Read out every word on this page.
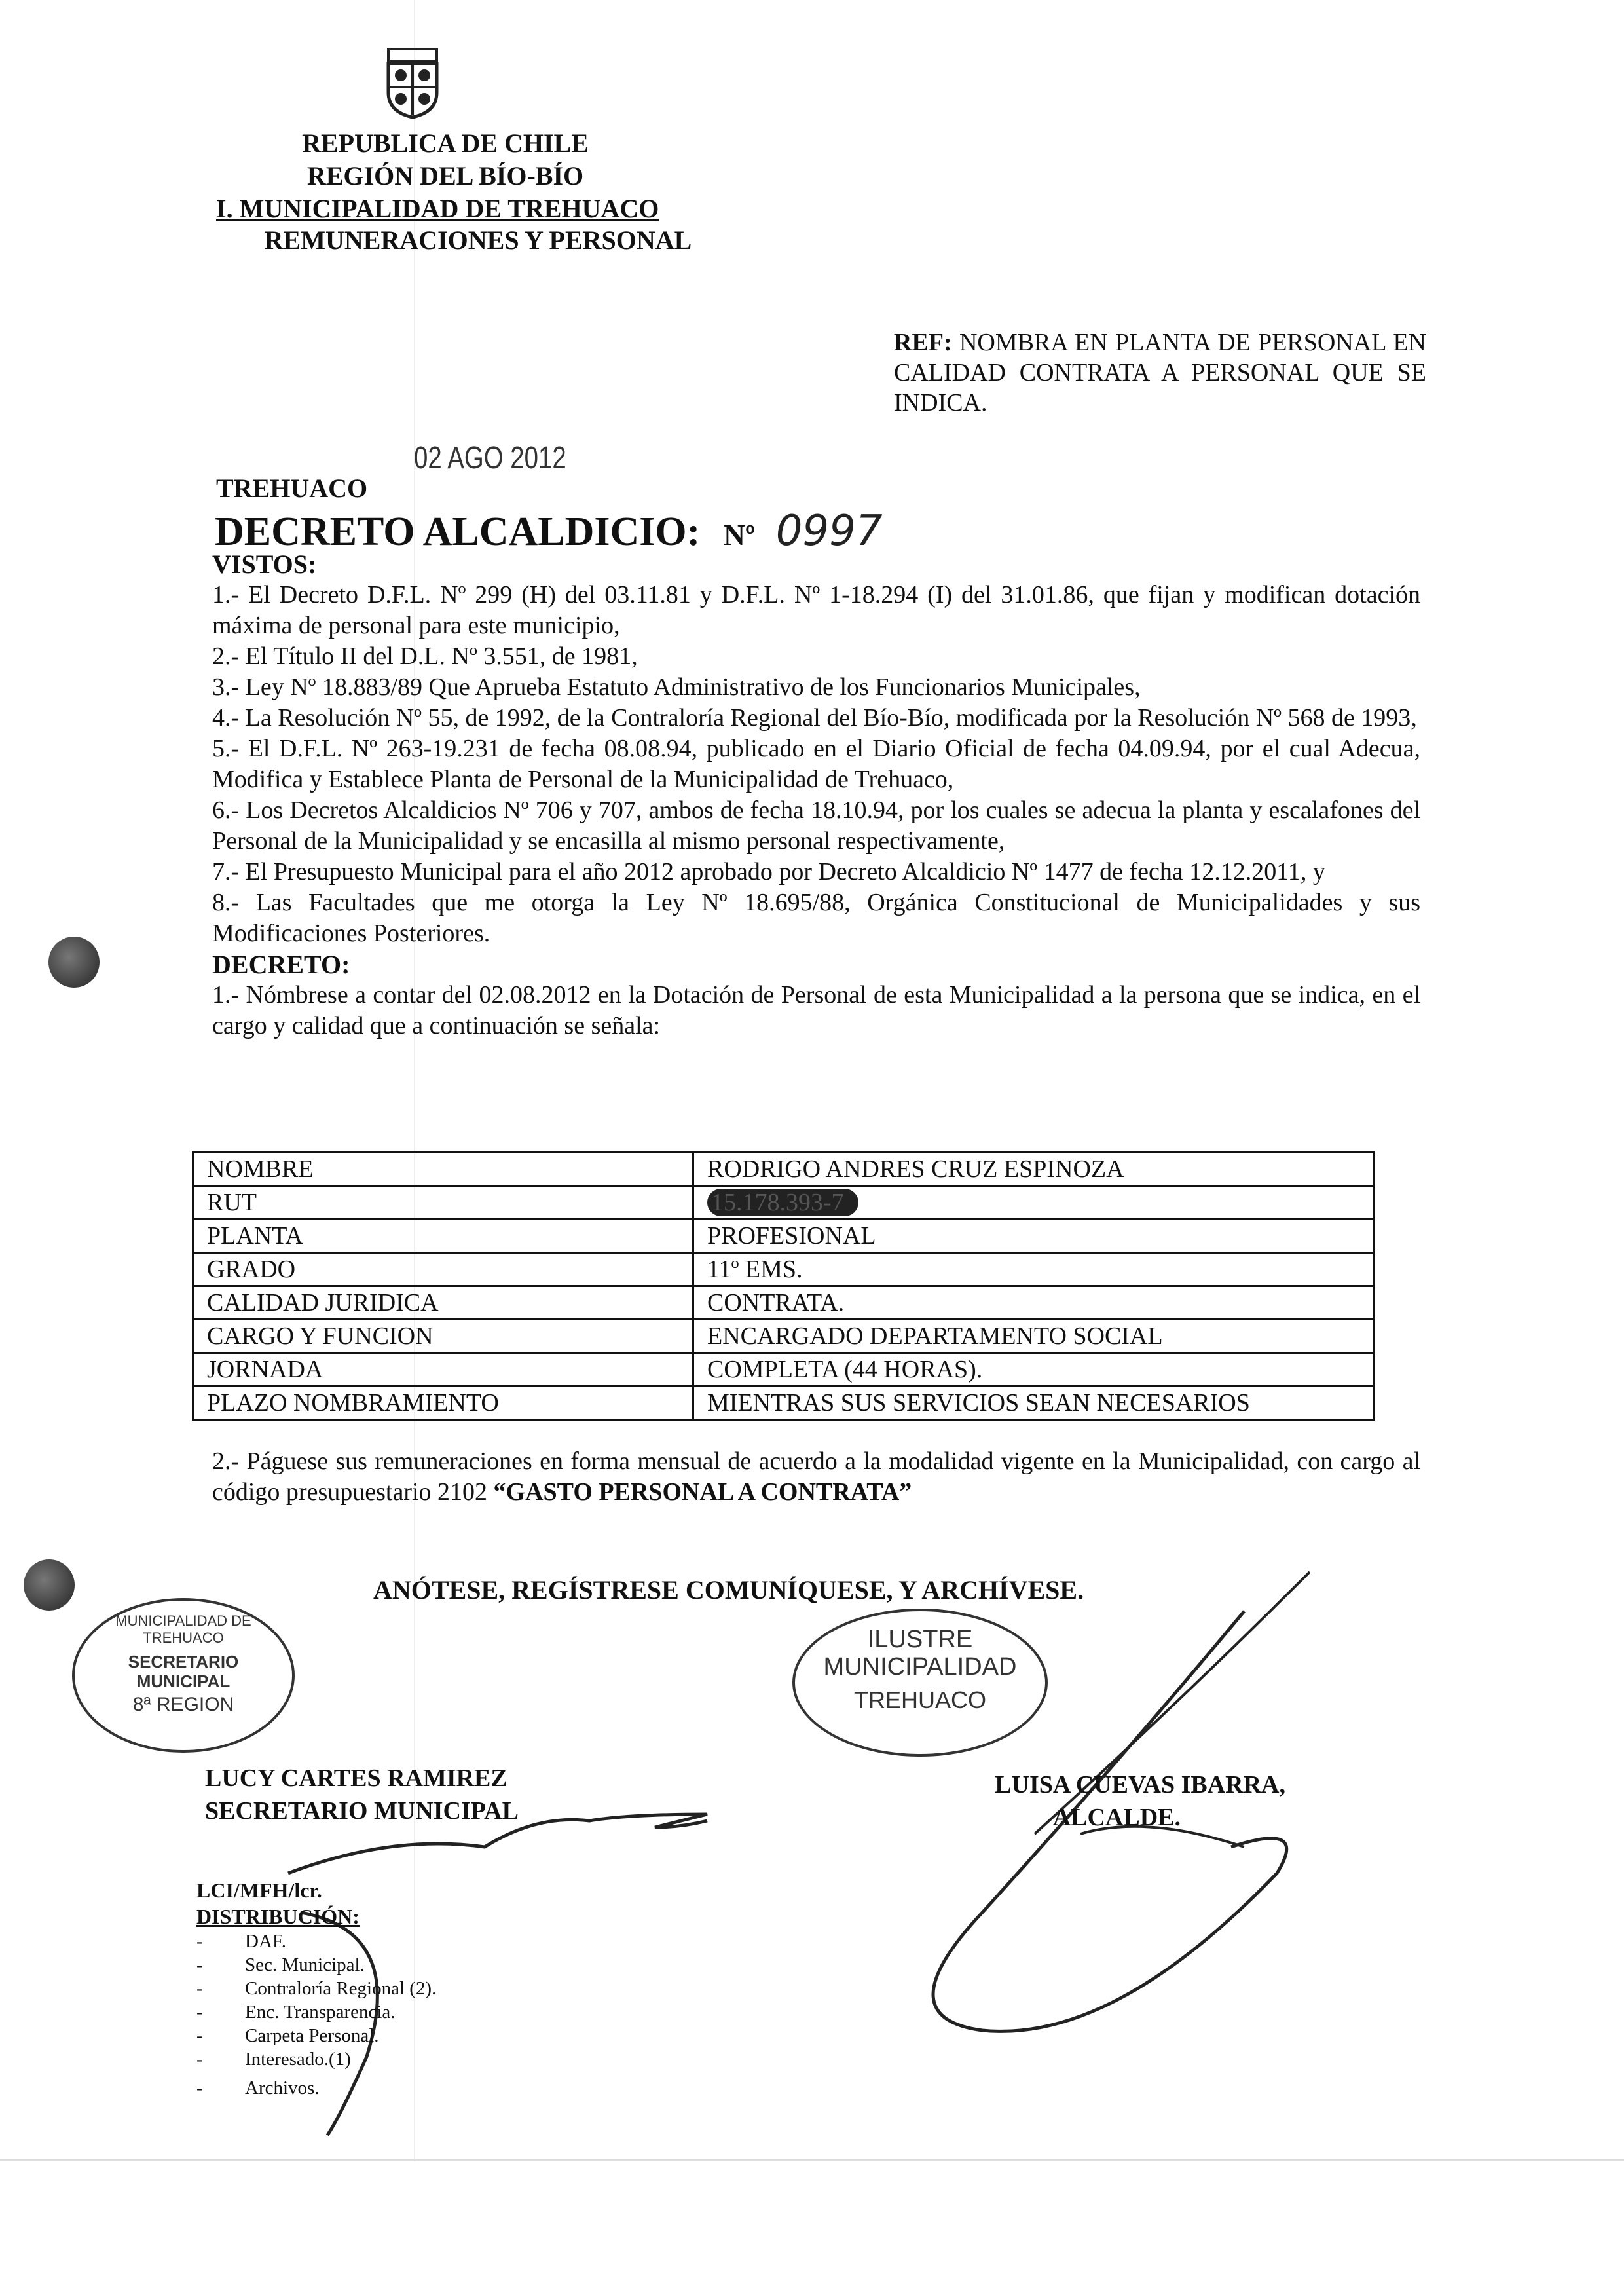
REPUBLICA DE CHILE
REGIÓN DEL BÍO-BÍO
I. MUNICIPALIDAD DE TREHUACO
REMUNERACIONES Y PERSONAL
REF: NOMBRA EN PLANTA DE PERSONAL EN CALIDAD CONTRATA A PERSONAL QUE SE INDICA.
02 AGO 2012
TREHUACO
DECRETO ALCALDICIO: Nº 0997

VISTOS:

1.- El Decreto D.F.L. Nº 299 (H) del 03.11.81 y D.F.L. Nº 1-18.294 (I) del 31.01.86, que fijan y modifican dotación máxima de personal para este municipio,

2.- El Título II del D.L. Nº 3.551, de 1981,

3.- Ley Nº 18.883/89 Que Aprueba Estatuto Administrativo de los Funcionarios Municipales,

4.- La Resolución Nº 55, de 1992, de la Contraloría Regional del Bío-Bío, modificada por la Resolución Nº 568 de 1993,

5.- El D.F.L. Nº 263-19.231 de fecha 08.08.94, publicado en el Diario Oficial de fecha 04.09.94, por el cual Adecua, Modifica y Establece Planta de Personal de la Municipalidad de Trehuaco,

6.- Los Decretos Alcaldicios Nº 706 y 707, ambos de fecha 18.10.94, por los cuales se adecua la planta y escalafones del Personal de la Municipalidad y se encasilla al mismo personal respectivamente,

7.- El Presupuesto Municipal para el año 2012 aprobado por Decreto Alcaldicio Nº 1477 de fecha 12.12.2011, y

8.- Las Facultades que me otorga la Ley Nº 18.695/88, Orgánica Constitucional de Municipalidades y sus Modificaciones Posteriores.

DECRETO:

1.- Nómbrese a contar del 02.08.2012 en la Dotación de Personal de esta Municipalidad a la persona que se indica, en el cargo y calidad que a continuación se señala:

NOMBRE	RODRIGO ANDRES CRUZ ESPINOZA
RUT	15.178.393-7
PLANTA	PROFESIONAL
GRADO	11º EMS.
CALIDAD JURIDICA	CONTRATA.
CARGO Y FUNCION	ENCARGADO DEPARTAMENTO SOCIAL
JORNADA	COMPLETA (44 HORAS).
PLAZO NOMBRAMIENTO	MIENTRAS SUS SERVICIOS SEAN NECESARIOS
2.- Páguese sus remuneraciones en forma mensual de acuerdo a la modalidad vigente en la Municipalidad, con cargo al código presupuestario 2102 “GASTO PERSONAL A CONTRATA”
ANÓTESE, REGÍSTRESE COMUNÍQUESE, Y ARCHÍVESE.
MUNICIPALIDAD DE TREHUACO
SECRETARIO MUNICIPAL
8ª REGION
ILUSTRE MUNICIPALIDAD
TREHUACO
LUCY CARTES RAMIREZ
SECRETARIO MUNICIPAL
LUISA CUEVAS IBARRA,
ALCALDE.
LCI/MFH/lcr.
DISTRIBUCIÓN:
-	DAF.
-	Sec. Municipal.
-	Contraloría Regional (2).
-	Enc. Transparencia.
-	Carpeta Personal.
-	Interesado.(1)
-	Archivos.
